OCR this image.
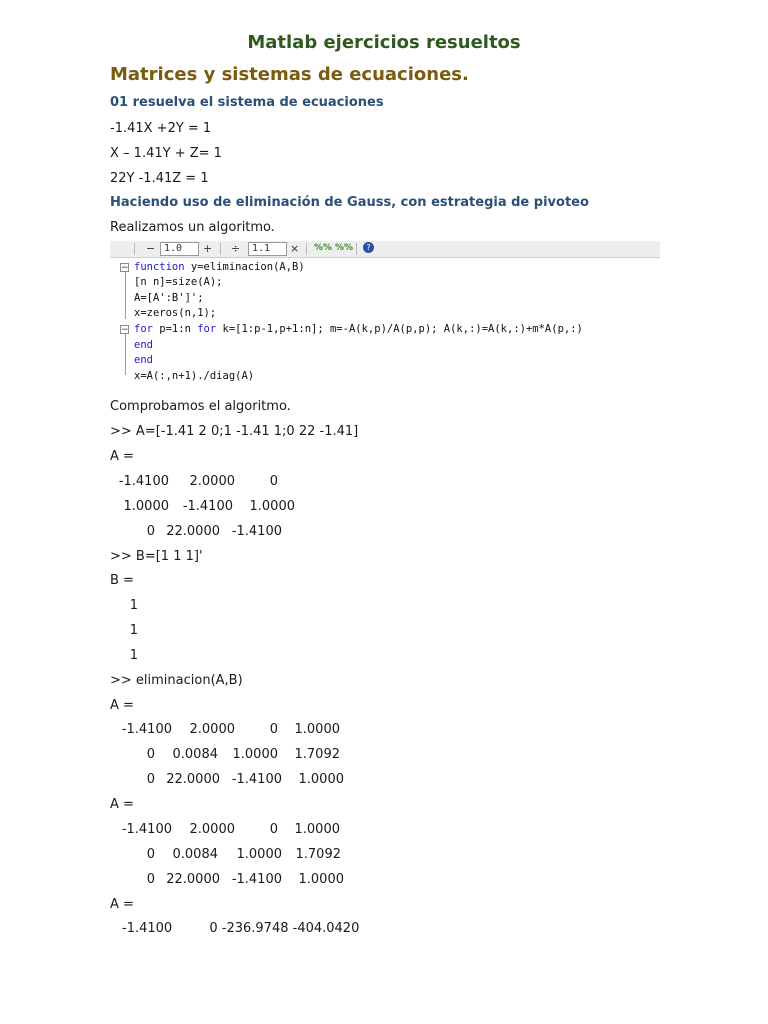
Matlab ejercicios resueltos
Matrices y sistemas de ecuaciones.
01 resuelva el sistema de ecuaciones
-1.41X +2Y = 1
X – 1.41Y + Z= 1
22Y -1.41Z = 1
Haciendo uso de eliminación de Gauss, con estrategia de pivoteo
Realizamos un algoritmo.
− 1.0	+ ÷	1.1	× %% %%	?
−
−
function y=eliminacion(A,B)
[n n]=size(A);
A=[A':B']';
x=zeros(n,1);
for p=1:n for k=[1:p-1,p+1:n]; m=-A(k,p)/A(p,p); A(k,:)=A(k,:)+m*A(p,:)
end
end
x=A(:,n+1)./diag(A)
Comprobamos el algoritmo.
>> A=[-1.41 2 0;1 -1.41 1;0 22 -1.41]
A =
-1.4100	2.0000	0
1.0000	-1.4100	1.0000
0 22.0000 -1.4100
>> B=[1 1 1]'
B =
1
1
1
>> eliminacion(A,B)
A =
-1.4100	2.0000	0	1.0000
0	0.0084	1.0000	1.7092
0 22.0000 -1.4100	1.0000
A =
-1.4100	2.0000	0	1.0000
0	0.0084	1.0000	1.7092
0 22.0000 -1.4100	1.0000
A =
-1.4100         0 -236.9748 -404.0420
